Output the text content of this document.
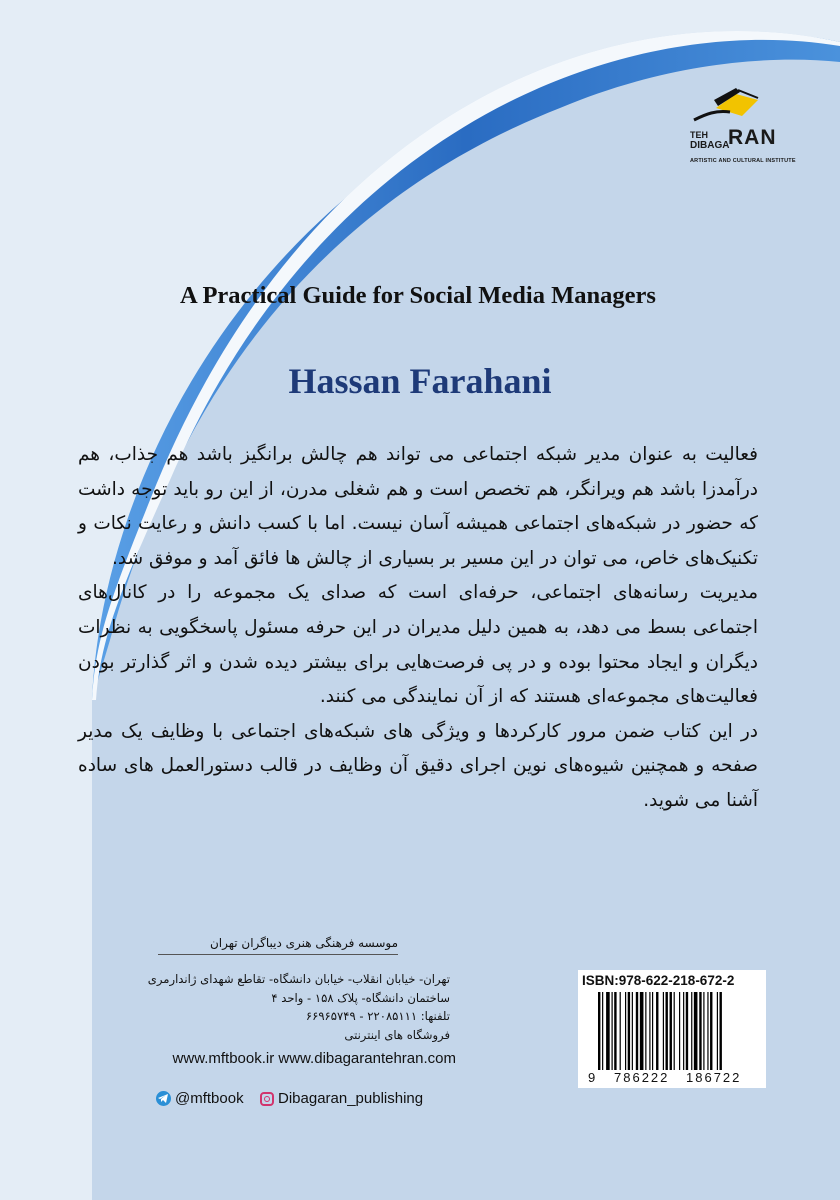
TEH
DIBAGA
RAN
ARTISTIC AND CULTURAL INSTITUTE
A Practical Guide for Social Media Managers
Hassan Farahani

فعالیت به عنوان مدیر شبکه اجتماعی می تواند هم چالش برانگیز باشد هم جذاب، هم درآمدزا باشد هم ویرانگر، هم تخصص است و هم شغلی مدرن، از این رو باید توجه داشت که حضور در شبکه‌های اجتماعی همیشه آسان نیست. اما با کسب دانش و رعایت نکات و تکنیک‌های خاص، می توان در این مسیر بر بسیاری از چالش ها فائق آمد و موفق شد.

مدیریت رسانه‌های اجتماعی، حرفه‌ای است که صدای یک مجموعه را در کانال‌های اجتماعی بسط می دهد، به همین دلیل مدیران در این حرفه مسئول پاسخگویی به نظرات دیگران و ایجاد محتوا بوده و در پی فرصت‌هایی برای بیشتر دیده شدن و اثر گذارتر بودن فعالیت‌های مجموعه‌ای هستند که از آن نمایندگی می کنند.

در این کتاب ضمن مرور کارکردها و ویژگی های شبکه‌های اجتماعی با وظایف یک مدیر صفحه و همچنین شیوه‌های نوین اجرای دقیق آن وظایف در قالب دستورالعمل های ساده آشنا می شوید.

موسسه فرهنگی هنری دیباگران تهران
تهران- خیابان انقلاب- خیابان دانشگاه- تقاطع شهدای ژاندارمری
ساختمان دانشگاه- پلاک ۱۵۸ - واحد ۴
تلفنها: ۲۲۰۸۵۱۱۱ - ۶۶۹۶۵۷۴۹
فروشگاه های اینترنتی
www.mftbook.ir www.dibagarantehran.com
@mftbook Dibagaran_publishing
ISBN:978-622-218-672-2
9 786222 186722
